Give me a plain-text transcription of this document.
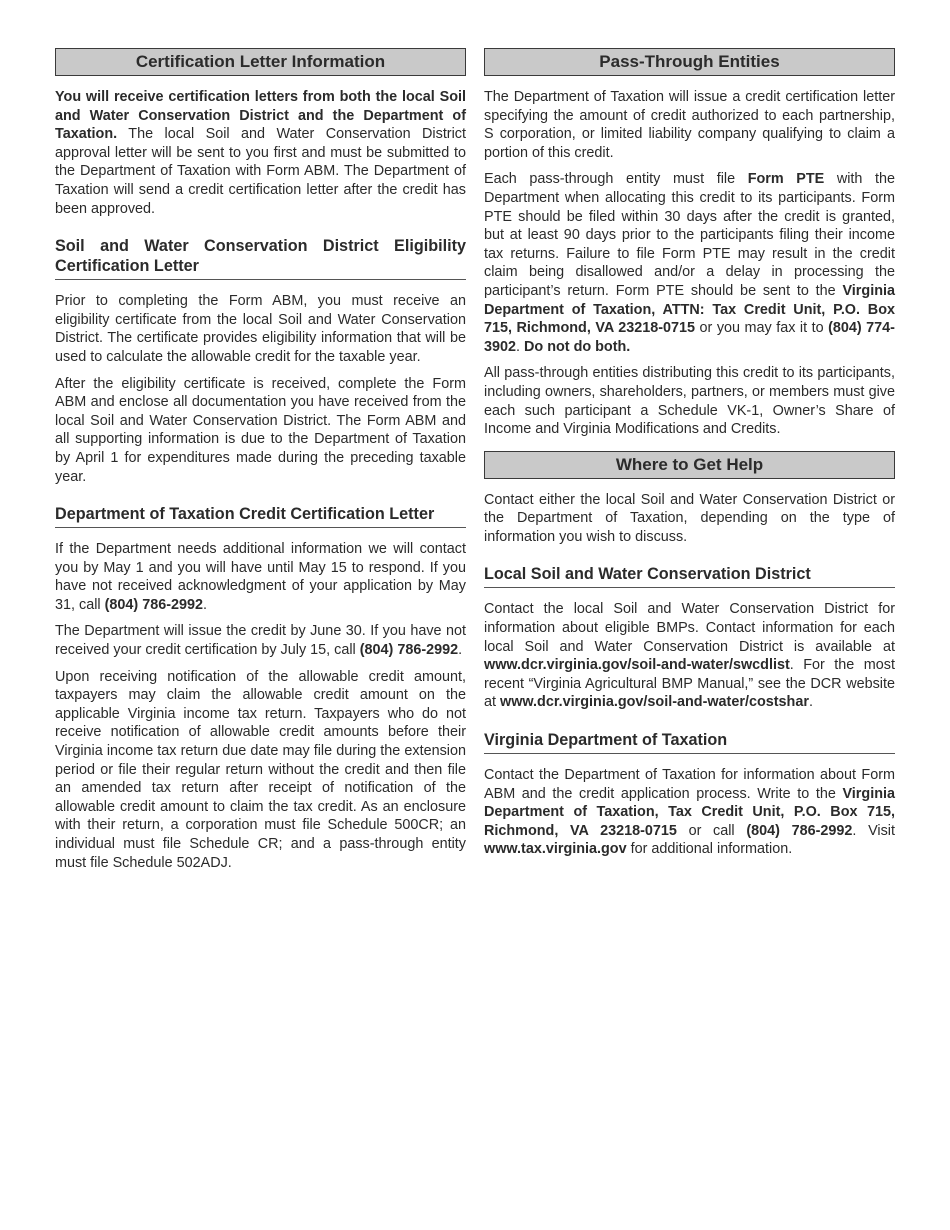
Certification Letter Information

You will receive certification letters from both the local Soil and Water Conservation District and the Department of Taxation. The local Soil and Water Conservation District approval letter will be sent to you first and must be submitted to the Department of Taxation with Form ABM. The Department of Taxation will send a credit certification letter after the credit has been approved.

Soil and Water Conservation District Eligibility Certification Letter

Prior to completing the Form ABM, you must receive an eligibility certificate from the local Soil and Water Conservation District. The certificate provides eligibility information that will be used to calculate the allowable credit for the taxable year.

After the eligibility certificate is received, complete the Form ABM and enclose all documentation you have received from the local Soil and Water Conservation District. The Form ABM and all supporting information is due to the Department of Taxation by April 1 for expenditures made during the preceding taxable year.

Department of Taxation Credit Certification Letter

If the Department needs additional information we will contact you by May 1 and you will have until May 15 to respond. If you have not received acknowledgment of your application by May 31, call (804) 786-2992.

The Department will issue the credit by June 30. If you have not received your credit certification by July 15, call (804) 786-2992.

Upon receiving notification of the allowable credit amount, taxpayers may claim the allowable credit amount on the applicable Virginia income tax return. Taxpayers who do not receive notification of allowable credit amounts before their Virginia income tax return due date may file during the extension period or file their regular return without the credit and then file an amended tax return after receipt of notification of the allowable credit amount to claim the tax credit. As an enclosure with their return, a corporation must file Schedule 500CR; an individual must file Schedule CR; and a pass-through entity must file Schedule 502ADJ.

Pass-Through Entities

The Department of Taxation will issue a credit certification letter specifying the amount of credit authorized to each partnership, S corporation, or limited liability company qualifying to claim a portion of this credit.

Each pass-through entity must file Form PTE with the Department when allocating this credit to its participants. Form PTE should be filed within 30 days after the credit is granted, but at least 90 days prior to the participants filing their income tax returns. Failure to file Form PTE may result in the credit claim being disallowed and/or a delay in processing the participant’s return. Form PTE should be sent to the Virginia Department of Taxation, ATTN: Tax Credit Unit, P.O. Box 715, Richmond, VA 23218-0715 or you may fax it to (804) 774-3902. Do not do both.

All pass-through entities distributing this credit to its participants, including owners, shareholders, partners, or members must give each such participant a Schedule VK-1, Owner’s Share of Income and Virginia Modifications and Credits.

Where to Get Help

Contact either the local Soil and Water Conservation District or the Department of Taxation, depending on the type of information you wish to discuss.

Local Soil and Water Conservation District

Contact the local Soil and Water Conservation District for information about eligible BMPs. Contact information for each local Soil and Water Conservation District is available at www.dcr.virginia.gov/soil-and-water/swcdlist. For the most recent “Virginia Agricultural BMP Manual,” see the DCR website at www.dcr.virginia.gov/soil-and-water/costshar.

Virginia Department of Taxation

Contact the Department of Taxation for information about Form ABM and the credit application process. Write to the Virginia Department of Taxation, Tax Credit Unit, P.O. Box 715, Richmond, VA 23218-0715 or call (804) 786-2992. Visit www.tax.virginia.gov for additional information.
